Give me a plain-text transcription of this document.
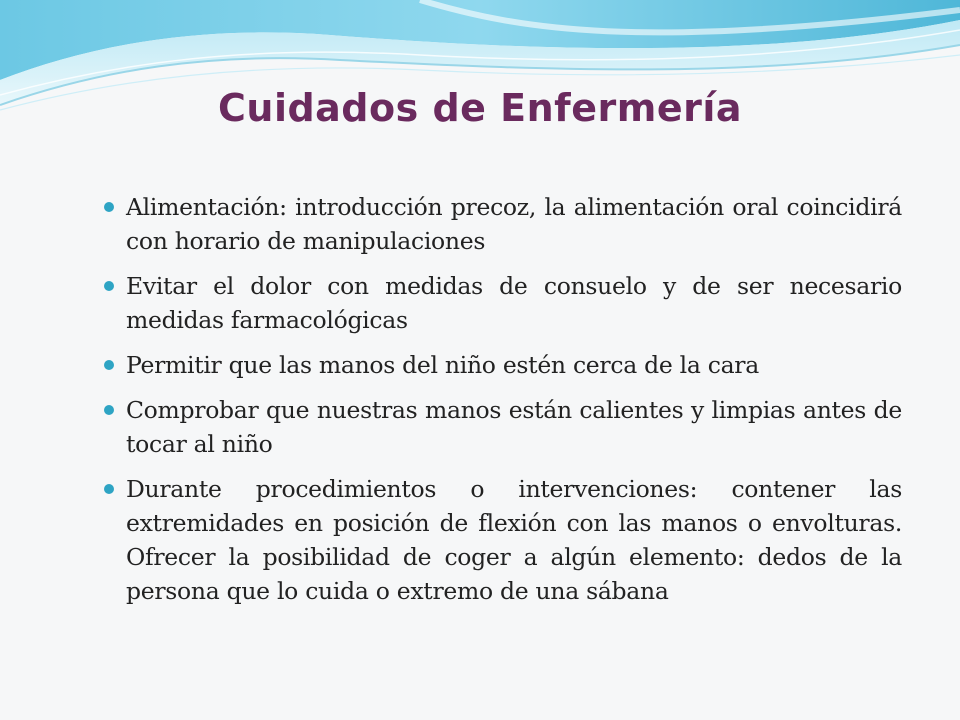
Cuidados de Enfermería
Alimentación: introducción precoz, la alimentación oral coincidirá con horario de manipulaciones
Evitar el dolor con medidas de consuelo y de ser necesario medidas farmacológicas
Permitir que las manos del niño estén cerca de la cara
Comprobar que nuestras manos están calientes y limpias antes de tocar al niño
Durante procedimientos o intervenciones: contener las extremidades en posición de flexión con las manos o envolturas. Ofrecer la posibilidad de coger a algún elemento: dedos de la persona que lo cuida o extremo de una sábana
